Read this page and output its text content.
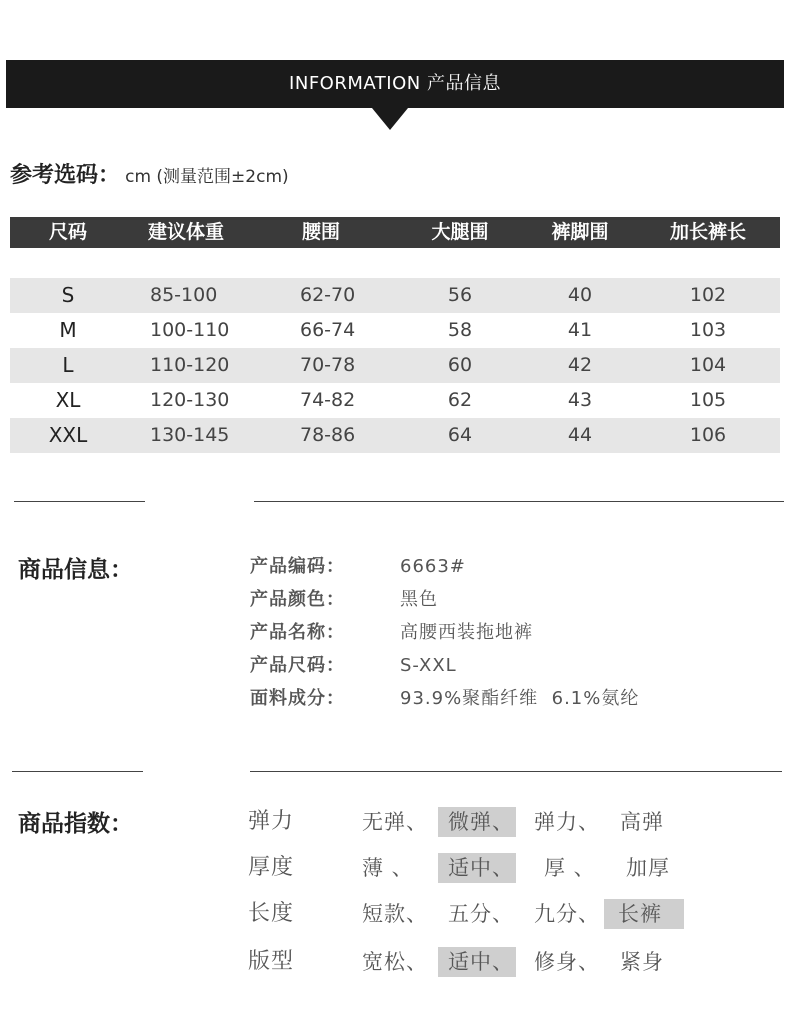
INFORMATION 产品信息
参考选码： cm (测量范围±2cm)
尺码	建议体重	腰围	大腿围	裤脚围	加长裤长
S	85-100	62-70	56	40	102
M	100-110	66-74	58	41	103
L	110-120	70-78	60	42	104
XL	120-130	74-82	62	43	105
XXL	130-145	78-86	64	44	106
商品信息：	产品编码：	6663#
产品颜色：	黑色
产品名称：	高腰西装拖地裤
产品尺码：	S-XXL
面料成分：	93.9%聚酯纤维  6.1%氨纶
商品指数：	弹力	无弹、 微弹、 弹力、 高弹
厚度	薄 、	适中、 厚 、 加厚
长度	短款、 五分、 九分、 长裤
版型	宽松、 适中、 修身、 紧身
